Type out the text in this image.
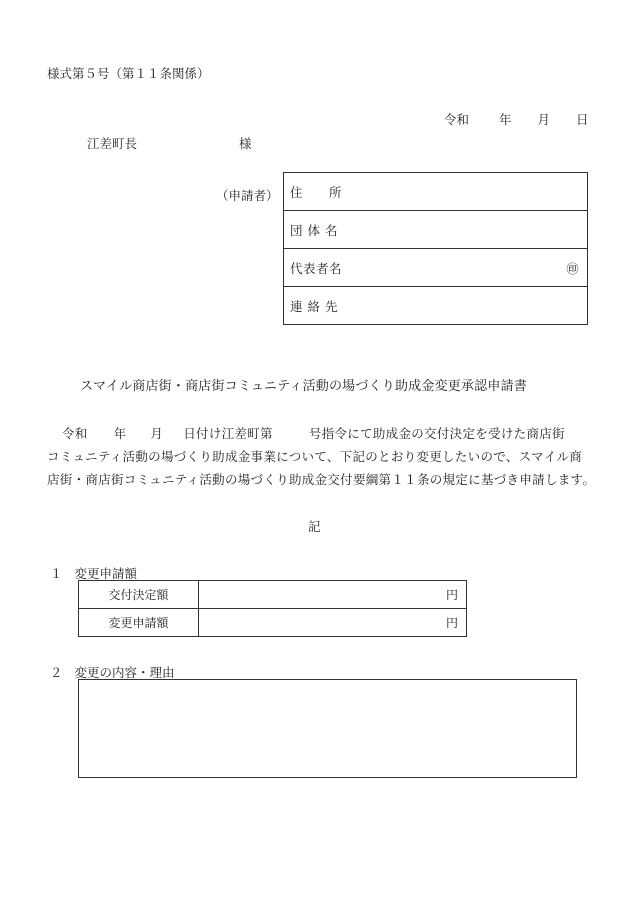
様式第５号（第１１条関係）
令和 年 月 日
江差町長	様
（申請者） 住　　所
団 体 名
代表者名	㊞

連 絡 先
スマイル商店街・商店街コミュニティ活動の場づくり助成金変更承認申請書
令和 年 月 日付け江差町第	号指令にて助成金の交付決定を受けた商店街
コミュニティ活動の場づくり助成金事業について、下記のとおり変更したいので、スマイル商
店街・商店街コミュニティ活動の場づくり助成金交付要綱第１１条の規定に基づき申請します。
記
１ 変更申請額
交付決定額	円
変更申請額	円
２ 変更の内容・理由
